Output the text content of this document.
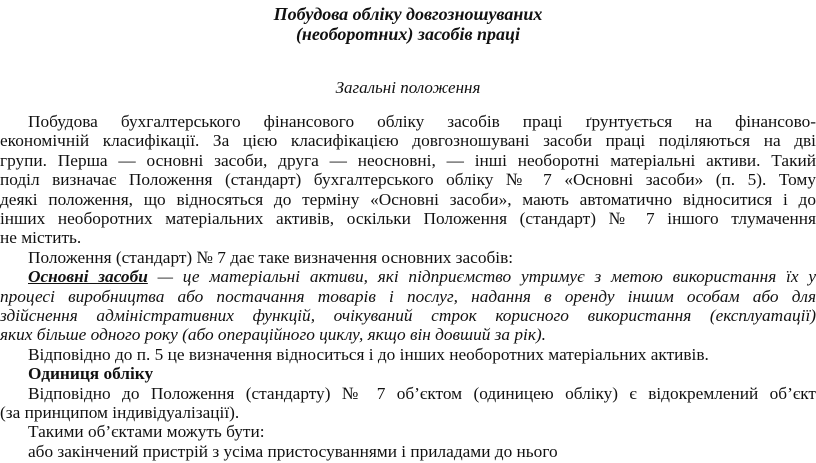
Побудова обліку довгозношуваних
(необоротних) засобів праці
Загальні положення
Побудова бухгалтерського фінансового обліку засобів праці ґрунтується на фінансово-
економічній класифікації. За цією класифікацією довгозношувані засоби праці поділяються на дві
групи. Перша — основні засоби, друга — неосновні, — інші необоротні матеріальні активи. Такий
поділ визначає Положення (стандарт) бухгалтерського обліку № 7 «Основні засоби» (п. 5). Тому
деякі положення, що відносяться до терміну «Основні засоби», мають автоматично відноситися і до
інших необоротних матеріальних активів, оскільки Положення (стандарт) № 7 іншого тлумачення
не містить.
Положення (стандарт) № 7 дає таке визначення основних засобів:
Основні засоби — це матеріальні активи, які підприємство утримує з метою використання їх у
процесі виробництва або постачання товарів і послуг, надання в оренду іншим особам або для
здійснення адміністративних функцій, очікуваний строк корисного використання (експлуатації)
яких більше одного року (або операційного циклу, якщо він довший за рік).
Відповідно до п. 5 це визначення відноситься і до інших необоротних матеріальних активів.
Одиниця обліку
Відповідно до Положення (стандарту) № 7 об’єктом (одиницею обліку) є відокремлений об’єкт
(за принципом індивідуалізації).
Такими об’єктами можуть бути:
або закінчений пристрій з усіма пристосуваннями і приладами до нього
